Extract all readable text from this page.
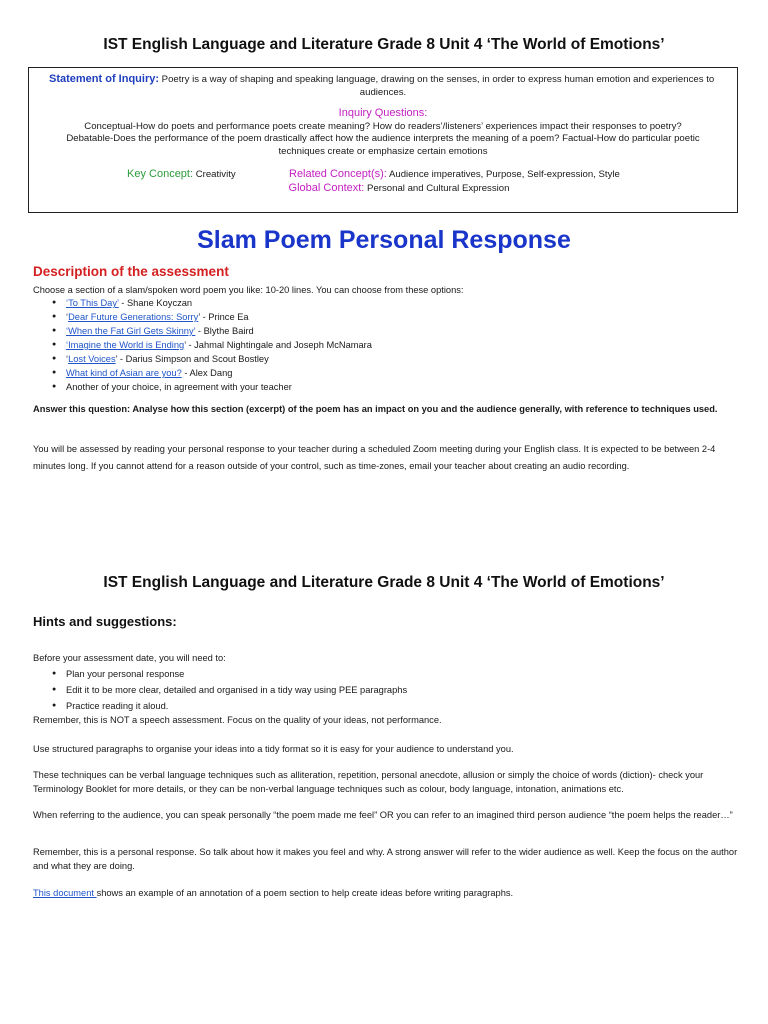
IST English Language and Literature Grade 8 Unit 4 ‘The World of Emotions’
Statement of Inquiry: Poetry is a way of shaping and speaking language, drawing on the senses, in order to express human emotion and experiences to
audiences.
Inquiry Questions:
Conceptual-How do poets and performance poets create meaning? How do readers’/listeners’ experiences impact their responses to poetry?
Debatable-Does the performance of the poem drastically affect how the audience interprets the meaning of a poem? Factual-How do particular poetic
techniques create or emphasize certain emotions
Key Concept: Creativity	Related Concept(s): Audience imperatives, Purpose, Self-expression, Style
Global Context: Personal and Cultural Expression
Slam Poem Personal Response
Description of the assessment
Choose a section of a slam/spoken word poem you like: 10-20 lines. You can choose from these options:
● ‘To This Day’ - Shane Koyczan
● ‘Dear Future Generations: Sorry’ - Prince Ea
● ‘When the Fat Girl Gets Skinny’ - Blythe Baird
● ‘Imagine the World is Ending’ - Jahmal Nightingale and Joseph McNamara
● ‘Lost Voices’ - Darius Simpson and Scout Bostley
● What kind of Asian are you? - Alex Dang
● Another of your choice, in agreement with your teacher
Answer this question: Analyse how this section (excerpt) of the poem has an impact on you and the audience generally, with reference to techniques used.
You will be assessed by reading your personal response to your teacher during a scheduled Zoom meeting during your English class. It is expected to be between 2-4 minutes long. If you cannot attend for a reason outside of your control, such as time-zones, email your teacher about creating an audio recording.
IST English Language and Literature Grade 8 Unit 4 ‘The World of Emotions’
Hints and suggestions:
Before your assessment date, you will need to:
● Plan your personal response
● Edit it to be more clear, detailed and organised in a tidy way using PEE paragraphs
● Practice reading it aloud.
Remember, this is NOT a speech assessment. Focus on the quality of your ideas, not performance.
Use structured paragraphs to organise your ideas into a tidy format so it is easy for your audience to understand you.
These techniques can be verbal language techniques such as alliteration, repetition, personal anecdote, allusion or simply the choice of words (diction)- check your Terminology Booklet for more details, or they can be non-verbal language techniques such as colour, body language, intonation, animations etc.
When referring to the audience, you can speak personally “the poem made me feel” OR you can refer to an imagined third person audience “the poem helps the reader…”
Remember, this is a personal response. So talk about how it makes you feel and why. A strong answer will refer to the wider audience as well. Keep the focus on the author and what they are doing.
This document shows an example of an annotation of a poem section to help create ideas before writing paragraphs.
